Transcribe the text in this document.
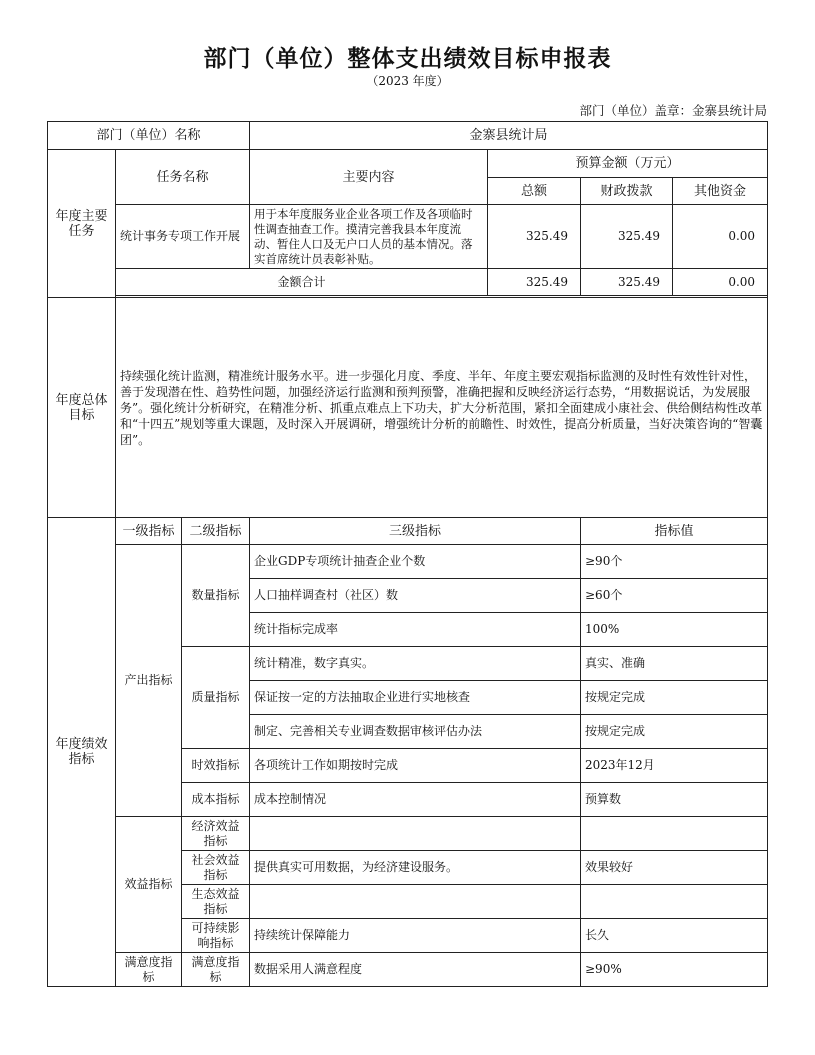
部门（单位）整体支出绩效目标申报表
（2023 年度）
部门（单位）盖章：金寨县统计局
部门（单位）名称			金寨县统计局			
年度主要任务	任务名称		主要内容	预算金额（万元）		
				总额	财政拨款	其他资金
	统计事务专项工作开展		用于本年度服务业企业各项工作及各项临时性调查抽查工作。摸清完善我县本年度流动、暂住人口及无户口人员的基本情况。落实首席统计员表彰补贴。	325.49	325.49	0.00
	金额合计			325.49	325.49	0.00

年度总体目标	持续强化统计监测，精准统计服务水平。进一步强化月度、季度、半年、年度主要宏观指标监测的及时性有效性针对性，善于发现潜在性、趋势性问题，加强经济运行监测和预判预警，准确把握和反映经济运行态势，“用数据说话，为发展服务”。强化统计分析研究，在精准分析、抓重点难点上下功夫，扩大分析范围，紧扣全面建成小康社会、供给侧结构性改革和“十四五”规划等重大课题，及时深入开展调研，增强统计分析的前瞻性、时效性，提高分析质量，当好决策咨询的“智囊团”。					
年度绩效指标	一级指标	二级指标	三级指标		指标值	
	产出指标	数量指标	企业GDP专项统计抽查企业个数		≥90个	
			人口抽样调查村（社区）数		≥60个	
			统计指标完成率		100%	
		质量指标	统计精准，数字真实。		真实、准确	
			保证按一定的方法抽取企业进行实地核查		按规定完成	
			制定、完善相关专业调查数据审核评估办法		按规定完成	
		时效指标	各项统计工作如期按时完成		2023年12月	
		成本指标	成本控制情况		预算数	
	效益指标	经济效益指标				
		社会效益指标	提供真实可用数据，为经济建设服务。		效果较好	
		生态效益指标				
		可持续影响指标	持续统计保障能力		长久	
	满意度指标	满意度指标	数据采用人满意程度		≥90%	
